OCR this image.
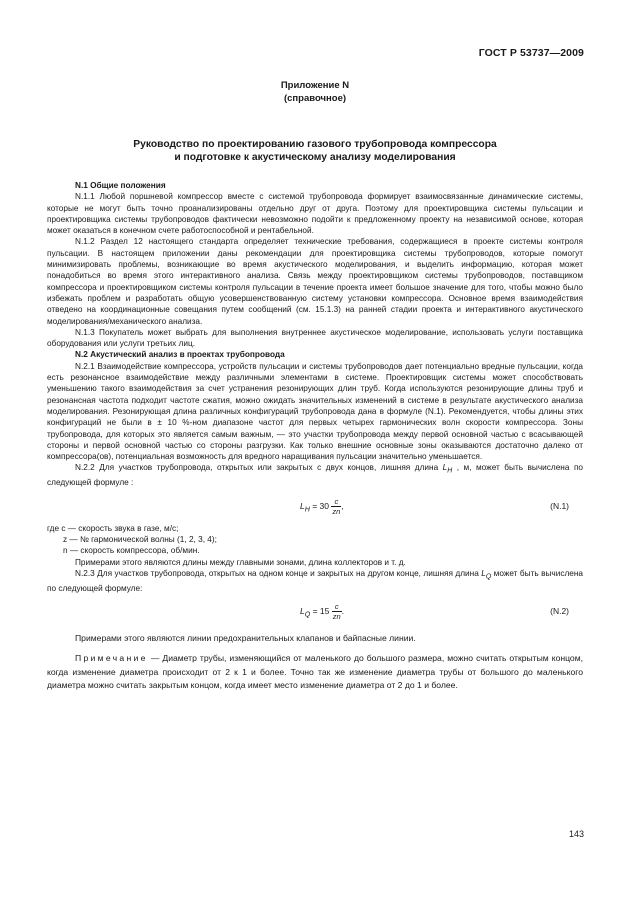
ГОСТ Р 53737—2009
Приложение N
(справочное)
Руководство по проектированию газового трубопровода компрессора
и подготовке к акустическому анализу моделирования

N.1 Общие положения

N.1.1 Любой поршневой компрессор вместе с системой трубопровода формирует взаимосвязанные динамические системы, которые не могут быть точно проанализированы отдельно друг от друга. Поэтому для проектировщика системы пульсации и проектировщика системы трубопроводов фактически невозможно подойти к предложенному проекту на независимой основе, которая может оказаться в конечном счете работоспособной и рентабельной.

N.1.2 Раздел 12 настоящего стандарта определяет технические требования, содержащиеся в проекте системы контроля пульсации. В настоящем приложении даны рекомендации для проектировщика системы трубопроводов, которые помогут минимизировать проблемы, возникающие во время акустического моделирования, и выделить информацию, которая может понадобиться во время этого интерактивного анализа. Связь между проектировщиком системы трубопроводов, поставщиком компрессора и проектировщиком системы контроля пульсации в течение проекта имеет большое значение для того, чтобы можно было избежать проблем и разработать общую усовершенствованную систему установки компрессора. Основное время взаимодействия отведено на координационные совещания путем сообщений (см. 15.1.3) на ранней стадии проекта и интерактивного акустического моделирования/механического анализа.

N.1.3 Покупатель может выбрать для выполнения внутреннее акустическое моделирование, использовать услуги поставщика оборудования или услуги третьих лиц.

N.2 Акустический анализ в проектах трубопровода

N.2.1 Взаимодействие компрессора, устройств пульсации и системы трубопроводов дает потенциально вредные пульсации, когда есть резонансное взаимодействие между различными элементами в системе. Проектировщик системы может способствовать уменьшению такого взаимодействия за счет устранения резонирующих длин труб. Когда используются резонирующие длины труб и резонансная частота подходит частоте сжатия, можно ожидать значительных изменений в системе в результате акустического анализа моделирования. Резонирующая длина различных конфигураций трубопровода дана в формуле (N.1). Рекомендуется, чтобы длины этих конфигураций не были в ± 10 %-ном диапазоне частот для первых четырех гармонических волн скорости компрессора. Зоны трубопровода, для которых это является самым важным, — это участки трубопровода между первой основной частью с всасывающей стороны и первой основной частью со стороны разгрузки. Как только внешние основные зоны оказываются достаточно далеко от компрессора(ов), потенциальная возможность для вредного наращивания пульсации значительно уменьшается.

N.2.2 Для участков трубопровода, открытых или закрытых с двух концов, лишняя длина $L_H$ , м, может быть вычислена по следующей формуле :

$L_H = 30 \frac{c}{zn}$ ,	(N.1)

где c — скорость звука в газе, м/с;

z — № гармонической волны (1, 2, 3, 4);

n — скорость компрессора, об/мин.

Примерами этого являются длины между главными зонами, длина коллекторов и т. д.

N.2.3 Для участков трубопровода, открытых на одном конце и закрытых на другом конце, лишняя длина $L_Q$ может быть вычислена по следующей формуле:

$L_Q = 15 \frac{c}{zn}$ .	(N.2)

Примерами этого являются линии предохранительных клапанов и байпасные линии.

Примечание — Диаметр трубы, изменяющийся от маленького до большого размера, можно считать открытым концом, когда изменение диаметра происходит от 2 к 1 и более. Точно так же изменение диаметра трубы от большого до маленького диаметра можно считать закрытым концом, когда имеет место изменение диаметра от 2 до 1 и более.

143
